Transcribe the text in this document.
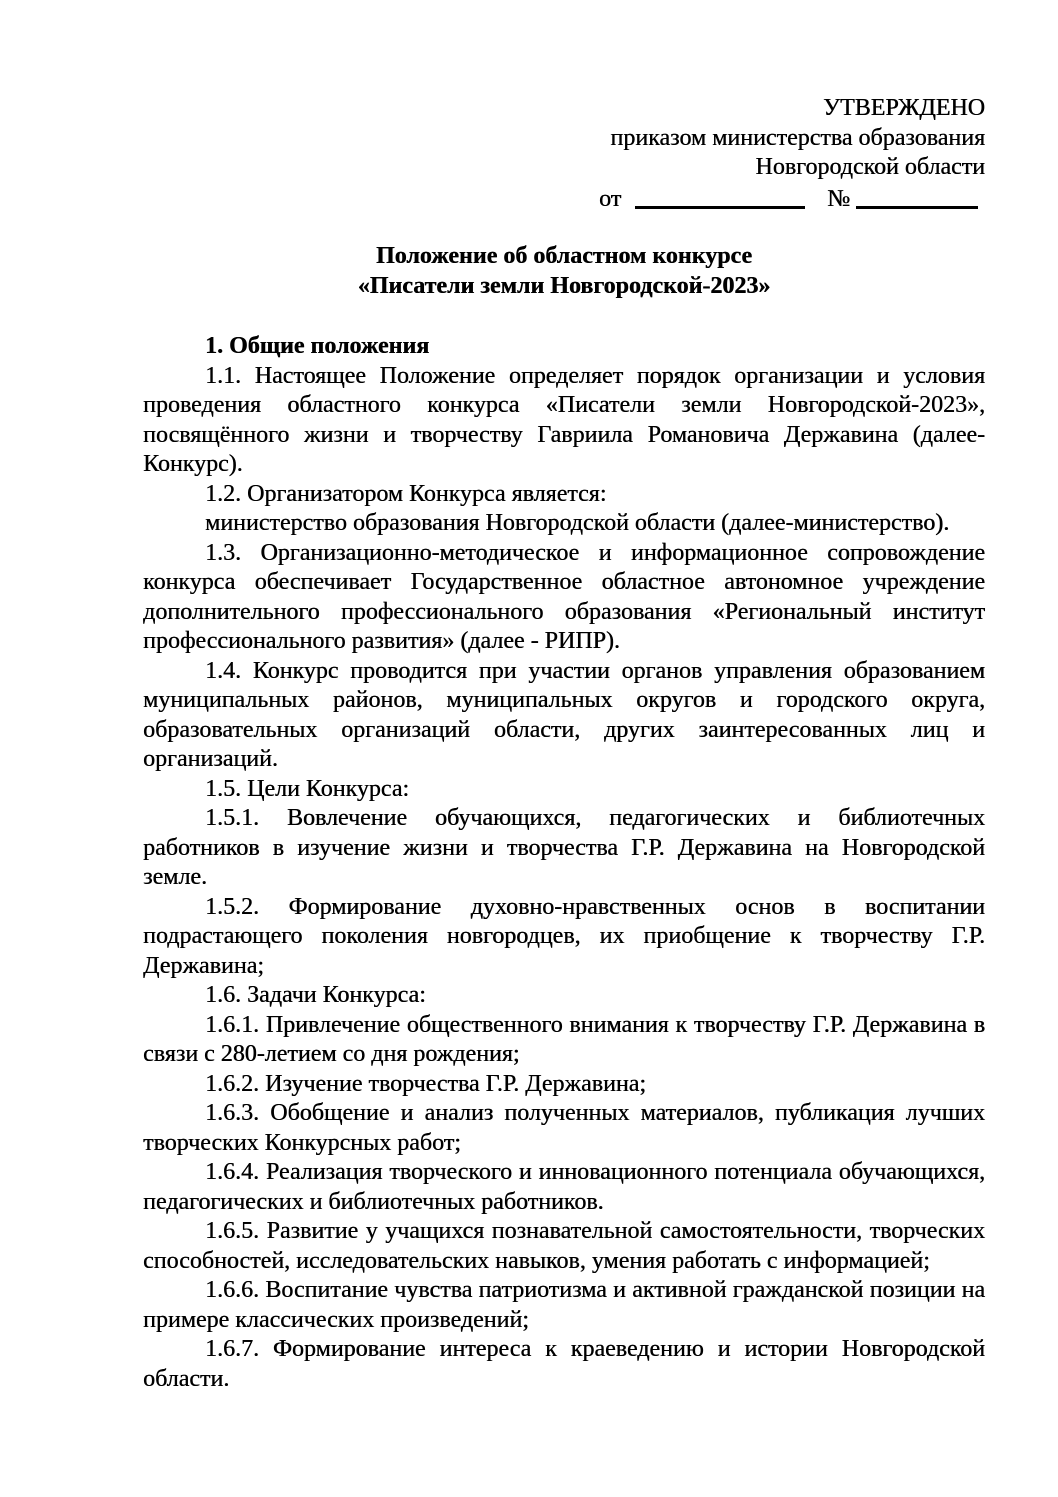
УТВЕРЖДЕНО
приказом министерства образования
Новгородской области
от	№
Положение об областном конкурсе
«Писатели земли Новгородской-2023»

1. Общие положения

1.1. Настоящее Положение определяет порядок организации и условия проведения областного конкурса «Писатели земли Новгородской-2023», посвящённого жизни и творчеству Гавриила Романовича Державина (далее-Конкурс).

1.2. Организатором Конкурса является:

министерство образования Новгородской области (далее-министерство).

1.3. Организационно-методическое и информационное сопровождение конкурса обеспечивает Государственное областное автономное учреждение дополнительного профессионального образования «Региональный институт профессионального развития» (далее - РИПР).

1.4. Конкурс проводится при участии органов управления образованием муниципальных районов, муниципальных округов и городского округа, образовательных организаций области, других заинтересованных лиц и организаций.

1.5. Цели Конкурса:

1.5.1. Вовлечение обучающихся, педагогических и библиотечных работников в изучение жизни и творчества Г.Р. Державина на Новгородской земле.

1.5.2. Формирование духовно-нравственных основ в воспитании подрастающего поколения новгородцев, их приобщение к творчеству Г.Р. Державина;

1.6. Задачи Конкурса:

1.6.1. Привлечение общественного внимания к творчеству Г.Р. Державина в связи с 280-летием со дня рождения;

1.6.2. Изучение творчества Г.Р. Державина;

1.6.3. Обобщение и анализ полученных материалов, публикация лучших творческих Конкурсных работ;

1.6.4. Реализация творческого и инновационного потенциала обучающихся, педагогических и библиотечных работников.

1.6.5. Развитие у учащихся познавательной самостоятельности, творческих способностей, исследовательских навыков, умения работать с информацией;

1.6.6. Воспитание чувства патриотизма и активной гражданской позиции на примере классических произведений;

1.6.7. Формирование интереса к краеведению и истории Новгородской области.
